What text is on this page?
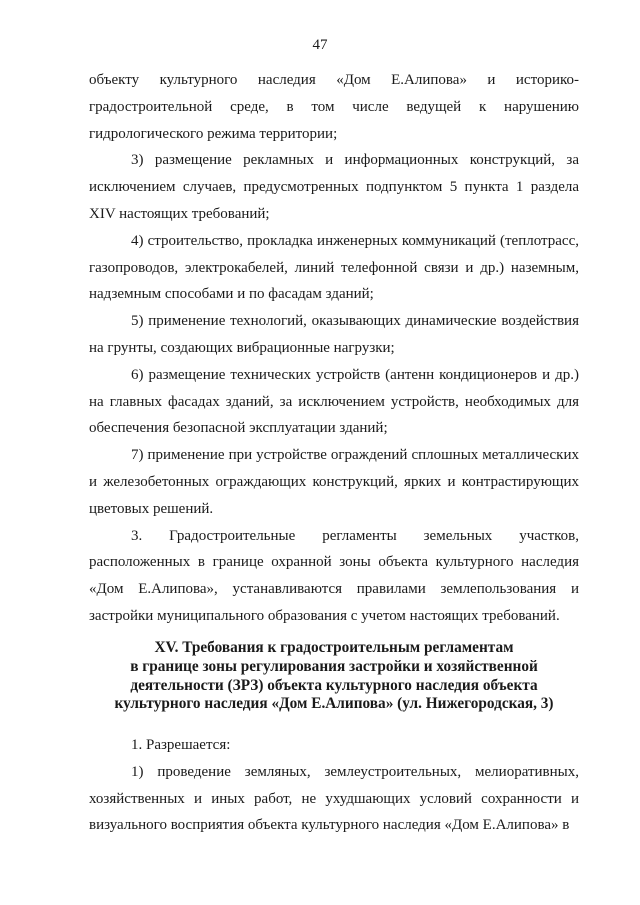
47

объекту культурного наследия «Дом Е.Алипова» и историко-градостроительной среде, в том числе ведущей к нарушению гидрологического режима территории;

3) размещение рекламных и информационных конструкций, за исключением случаев, предусмотренных подпунктом 5 пункта 1 раздела XIV настоящих требований;

4) строительство, прокладка инженерных коммуникаций (теплотрасс, газопроводов, электрокабелей, линий телефонной связи и др.) наземным, надземным способами и по фасадам зданий;

5) применение технологий, оказывающих динамические воздействия на грунты, создающих вибрационные нагрузки;

6) размещение технических устройств (антенн кондиционеров и др.) на главных фасадах зданий, за исключением устройств, необходимых для обеспечения безопасной эксплуатации зданий;

7) применение при устройстве ограждений сплошных металлических и железобетонных ограждающих конструкций, ярких и контрастирующих цветовых решений.

3. Градостроительные регламенты земельных участков, расположенных в границе охранной зоны объекта культурного наследия «Дом Е.Алипова», устанавливаются правилами землепользования и застройки муниципального образования с учетом настоящих требований.

XV. Требования к градостроительным регламентам
в границе зоны регулирования застройки и хозяйственной
деятельности (ЗРЗ) объекта культурного наследия объекта
культурного наследия «Дом Е.Алипова» (ул. Нижегородская, 3)

1. Разрешается:

1) проведение земляных, землеустроительных, мелиоративных, хозяйственных и иных работ, не ухудшающих условий сохранности и визуального восприятия объекта культурного наследия «Дом Е.Алипова» в
